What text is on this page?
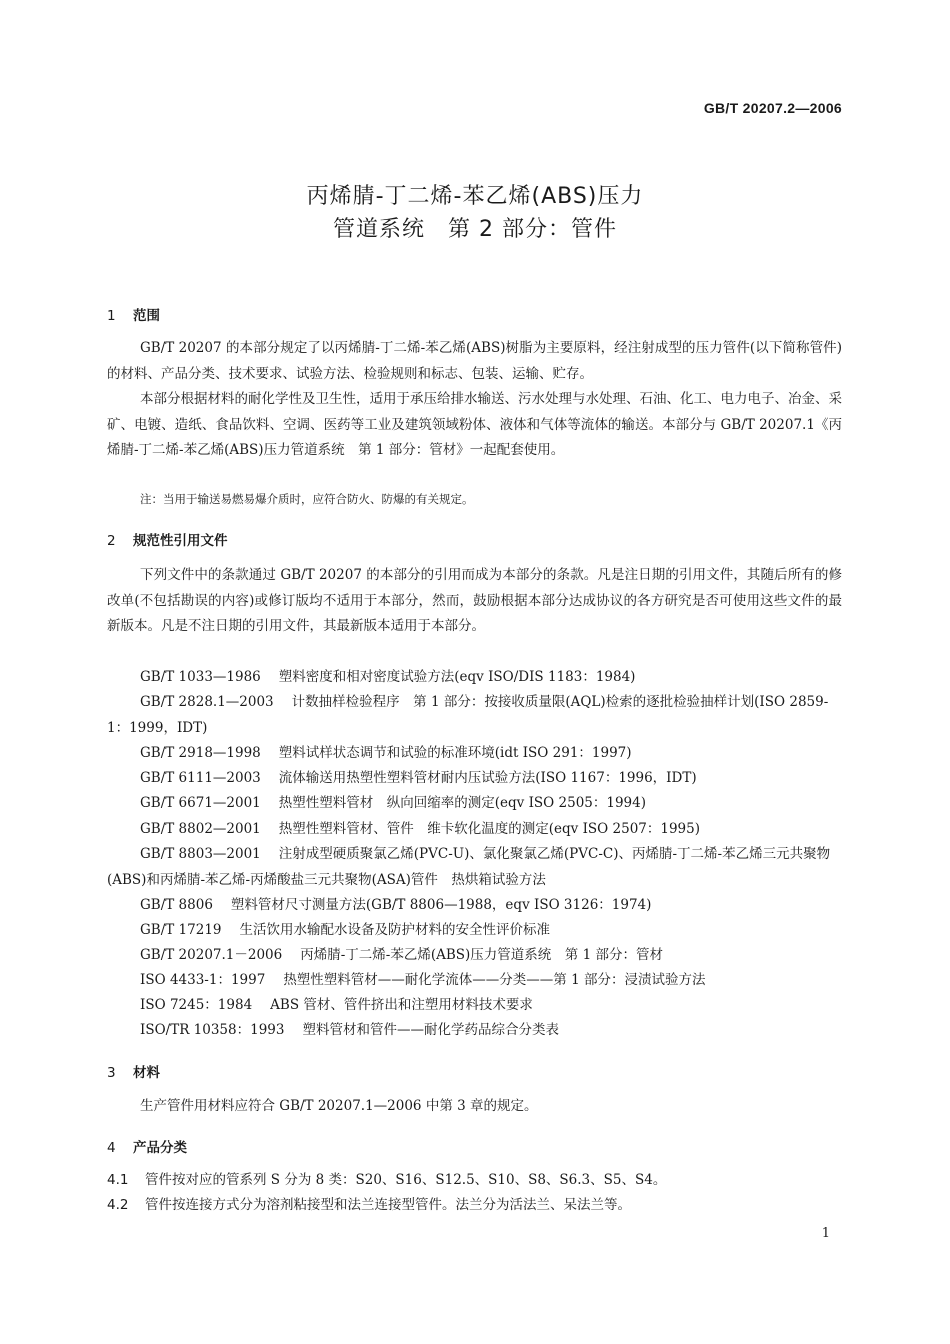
GB/T 20207.2—2006
丙烯腈-丁二烯-苯乙烯(ABS)压力
管道系统　第 2 部分：管件
1 范围
GB/T 20207 的本部分规定了以丙烯腈-丁二烯-苯乙烯(ABS)树脂为主要原料，经注射成型的压力管件(以下简称管件)的材料、产品分类、技术要求、试验方法、检验规则和标志、包装、运输、贮存。
本部分根据材料的耐化学性及卫生性，适用于承压给排水输送、污水处理与水处理、石油、化工、电力电子、冶金、采矿、电镀、造纸、食品饮料、空调、医药等工业及建筑领域粉体、液体和气体等流体的输送。本部分与 GB/T 20207.1《丙烯腈-丁二烯-苯乙烯(ABS)压力管道系统　第 1 部分：管材》一起配套使用。
注：当用于输送易燃易爆介质时，应符合防火、防爆的有关规定。
2 规范性引用文件
下列文件中的条款通过 GB/T 20207 的本部分的引用而成为本部分的条款。凡是注日期的引用文件，其随后所有的修改单(不包括勘误的内容)或修订版均不适用于本部分，然而，鼓励根据本部分达成协议的各方研究是否可使用这些文件的最新版本。凡是不注日期的引用文件，其最新版本适用于本部分。
GB/T 1033—1986 塑料密度和相对密度试验方法(eqv ISO/DIS 1183：1984)
GB/T 2828.1—2003 计数抽样检验程序　第 1 部分：按接收质量限(AQL)检索的逐批检验抽样计划(ISO 2859-1：1999，IDT)
GB/T 2918—1998 塑料试样状态调节和试验的标准环境(idt ISO 291：1997)
GB/T 6111—2003 流体输送用热塑性塑料管材耐内压试验方法(ISO 1167：1996，IDT)
GB/T 6671—2001 热塑性塑料管材　纵向回缩率的测定(eqv ISO 2505：1994)
GB/T 8802—2001 热塑性塑料管材、管件　维卡软化温度的测定(eqv ISO 2507：1995)
GB/T 8803—2001 注射成型硬质聚氯乙烯(PVC-U)、氯化聚氯乙烯(PVC-C)、丙烯腈-丁二烯-苯乙烯三元共聚物(ABS)和丙烯腈-苯乙烯-丙烯酸盐三元共聚物(ASA)管件　热烘箱试验方法
GB/T 8806 塑料管材尺寸测量方法(GB/T 8806—1988，eqv ISO 3126：1974)
GB/T 17219 生活饮用水输配水设备及防护材料的安全性评价标准
GB/T 20207.1－2006 丙烯腈-丁二烯-苯乙烯(ABS)压力管道系统　第 1 部分：管材
ISO 4433-1：1997 热塑性塑料管材——耐化学流体——分类——第 1 部分：浸渍试验方法
ISO 7245：1984 ABS 管材、管件挤出和注塑用材料技术要求
ISO/TR 10358：1993 塑料管材和管件——耐化学药品综合分类表
3 材料
生产管件用材料应符合 GB/T 20207.1—2006 中第 3 章的规定。
4 产品分类
4.1 管件按对应的管系列 S 分为 8 类：S20、S16、S12.5、S10、S8、S6.3、S5、S4。
4.2 管件按连接方式分为溶剂粘接型和法兰连接型管件。法兰分为活法兰、呆法兰等。
1
